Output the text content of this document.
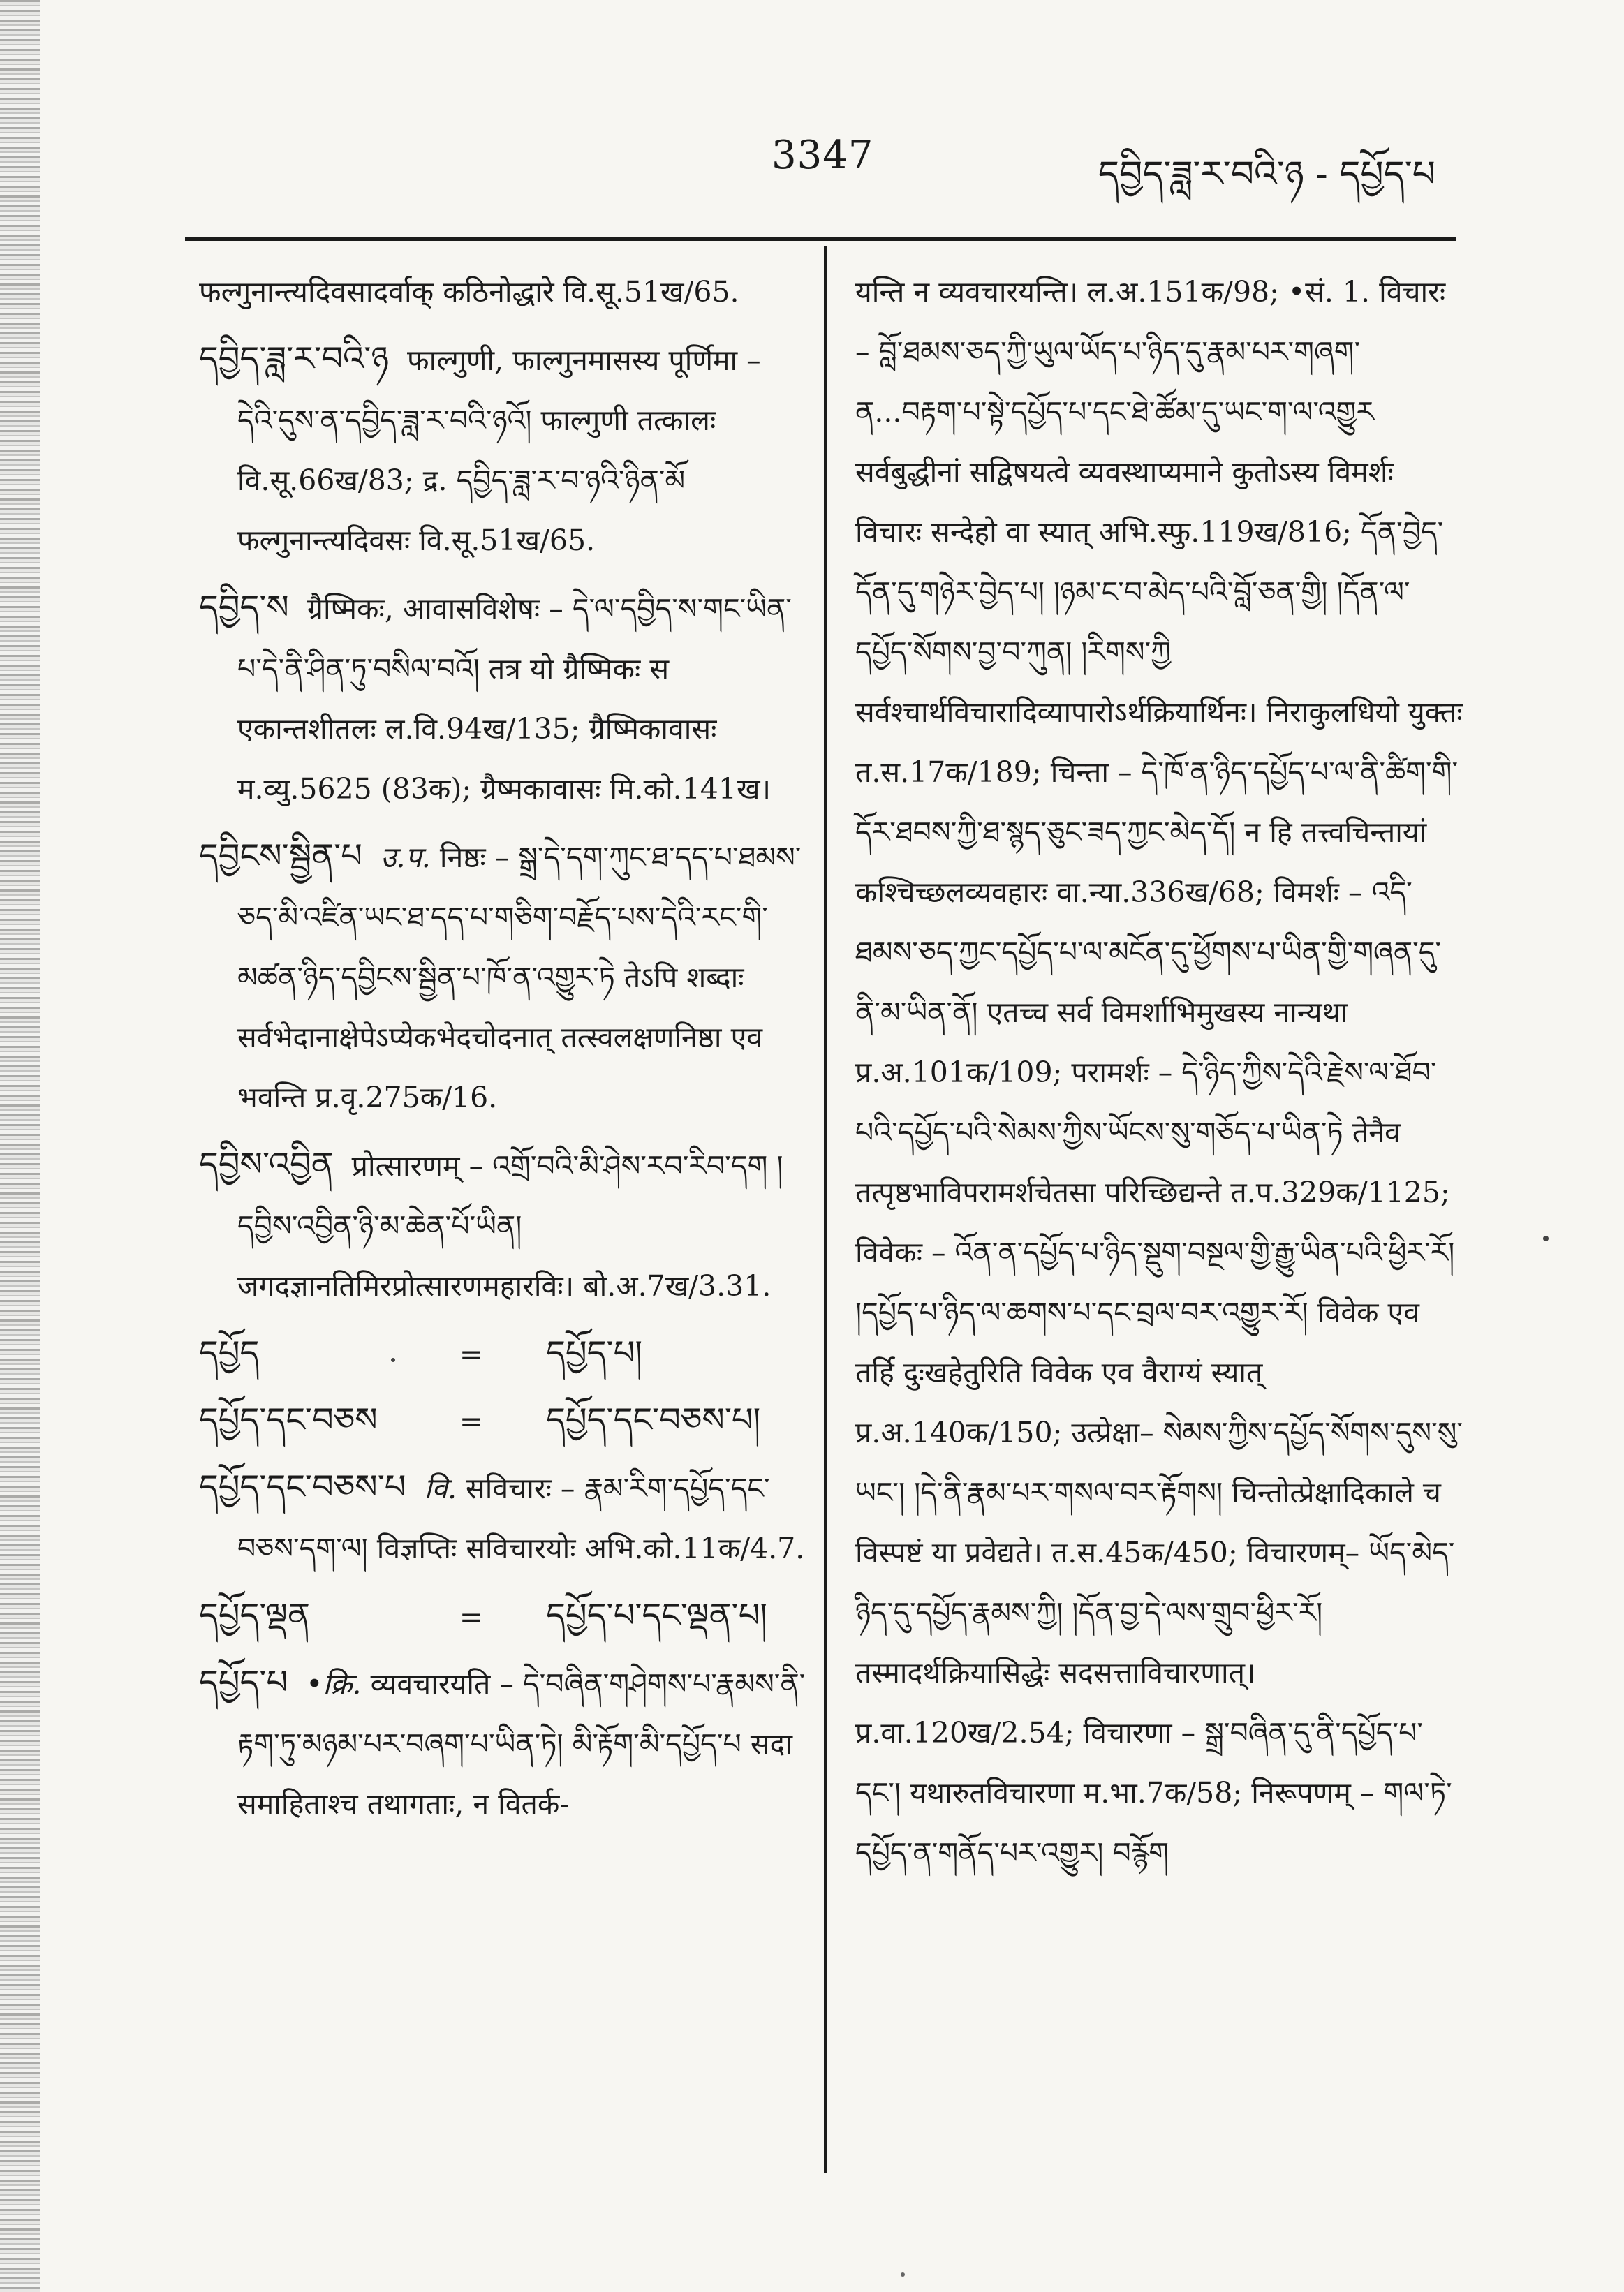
3347	དབྱིད་ཟླ་ར་བའི་ཉ - དཔྱོད་པ
फल्गुनान्त्यदिवसादर्वाक् कठिनोद्धारे वि.सू.51ख/65.
དབྱིད་ཟླ་ར་བའི་ཉ फाल्गुणी, फाल्गुनमासस्य पूर्णिमा – དེའི་དུས་ན་དབྱིད་ཟླ་ར་བའི་ཉའོ། फाल्गुणी तत्कालः वि.सू.66ख/83; द्र. དབྱིད་ཟླ་ར་བ་ཉའི་ཉིན་མོ फल्गुनान्त्यदिवसः वि.सू.51ख/65.
དབྱིད་ས ग्रैष्मिकः, आवासविशेषः – དེ་ལ་དབྱིད་ས་གང་ཡིན་པ་དེ་ནི་ཤིན་ཏུ་བསིལ་བའོ། तत्र यो ग्रैष्मिकः स एकान्तशीतलः ल.वि.94ख/135; ग्रैष्मिकावासः म.व्यु.5625 (83क); ग्रैष्मकावासः मि.को.141ख।
དབྱིངས་སྦྱིན་པ उ.प. निष्ठः – སྒྲ་དེ་དག་ཀུང་ཐ་དད་པ་ཐམས་ཅད་མི་འཛིན་ཡང་ཐ་དད་པ་གཅིག་བརྗོད་པས་དེའི་རང་གི་མཚན་ཉིད་དབྱིངས་སྦྱིན་པ་ཁོ་ན་འགྱུར་ཏེ तेऽपि शब्दाः सर्वभेदानाक्षेपेऽप्येकभेदचोदनात् तत्स्वलक्षणनिष्ठा एव भवन्ति प्र.वृ.275क/16.
དབྱིས་འབྱིན प्रोत्सारणम् – འགྲོ་བའི་མི་ཤེས་རབ་རིབ་དག །དབྱིས་འབྱིན་ཉི་མ་ཆེན་པོ་ཡིན། जगदज्ञानतिमिरप्रोत्सारणमहारविः। बो.अ.7ख/3.31.
དཔྱོད	=	དཔྱོད་པ།
དཔྱོད་དང་བཅས	=	དཔྱོད་དང་བཅས་པ།
དཔྱོད་དང་བཅས་པ वि. सविचारः – རྣམ་རིག་དཔྱོད་དང་བཅས་དག་ལ། विज्ञप्तिः सविचारयोः अभि.को.11क/4.7.
དཔྱོད་ལྡན	=	དཔྱོད་པ་དང་ལྡན་པ།
དཔྱོད་པ •क्रि. व्यवचारयति – དེ་བཞིན་གཤེགས་པ་རྣམས་ནི་རྟག་ཏུ་མཉམ་པར་བཞག་པ་ཡིན་ཏེ། མི་རྟོག་མི་དཔྱོད་པ सदा समाहिताश्च तथागताः, न वितर्क-
यन्ति न व्यवचारयन्ति। ल.अ.151क/98; •सं. 1. विचारः – བློ་ཐམས་ཅད་ཀྱི་ཡུལ་ཡོད་པ་ཉིད་དུ་རྣམ་པར་གཞག་ན...བརྟག་པ་སྟེ་དཔྱོད་པ་དང་ཐེ་ཚོམ་དུ་ཡང་ག་ལ་འགྱུར सर्वबुद्धीनां सद्विषयत्वे व्यवस्थाप्यमाने कुतोऽस्य विमर्शः विचारः सन्देहो वा स्यात् अभि.स्फु.119ख/816; དོན་བྱེད་དོན་དུ་གཉེར་བྱེད་པ། །ཉམ་ང་བ་མེད་པའི་བློ་ཅན་གྱི། །དོན་ལ་དཔྱོད་སོགས་བྱ་བ་ཀུན། །རིགས་ཀྱི सर्वश्चार्थविचारादिव्यापारोऽर्थक्रियार्थिनः। निराकुलधियो युक्तः त.स.17क/189; चिन्ता – དེ་ཁོ་ན་ཉིད་དཔྱོད་པ་ལ་ནི་ཚིག་གི་དོར་ཐབས་ཀྱི་ཐ་སྙད་ཅུང་ཟད་ཀྱང་མེད་དོ། न हि तत्त्वचिन्तायां कश्चिच्छलव्यवहारः वा.न्या.336ख/68; विमर्शः – འདི་ཐམས་ཅད་ཀྱང་དཔྱོད་པ་ལ་མངོན་དུ་ཕྱོགས་པ་ཡིན་གྱི་གཞན་དུ་ནི་མ་ཡིན་ནོ། एतच्च सर्व विमर्शाभिमुखस्य नान्यथा प्र.अ.101क/109; परामर्शः – དེ་ཉིད་ཀྱིས་དེའི་རྗེས་ལ་ཐོབ་པའི་དཔྱོད་པའི་སེམས་ཀྱིས་ཡོངས་སུ་གཅོད་པ་ཡིན་ཏེ तेनैव तत्पृष्ठभाविपरामर्शचेतसा परिच्छिद्यन्ते त.प.329क/1125; विवेकः – འོན་ན་དཔྱོད་པ་ཉིད་སྡུག་བསྔལ་གྱི་རྒྱུ་ཡིན་པའི་ཕྱིར་རོ། །དཔྱོད་པ་ཉིད་ལ་ཆགས་པ་དང་བྲལ་བར་འགྱུར་རོ། विवेक एव तर्हि दुःखहेतुरिति विवेक एव वैराग्यं स्यात् प्र.अ.140क/150; उत्प्रेक्षा– སེམས་ཀྱིས་དཔྱོད་སོགས་དུས་སུ་ཡང་། །དེ་ནི་རྣམ་པར་གསལ་བར་རྟོགས། चिन्तोत्प्रेक्षादिकाले च विस्पष्टं या प्रवेद्यते। त.स.45क/450; विचारणम्– ཡོད་མེད་ཉིད་དུ་དཔྱོད་རྣམས་ཀྱི། །དོན་བྱ་དེ་ལས་གྲུབ་ཕྱིར་རོ། तस्मादर्थक्रियासिद्धेः सदसत्ताविचारणात्। प्र.वा.120ख/2.54; विचारणा – སྒྲ་བཞིན་དུ་ནི་དཔྱོད་པ་དང་། यथारुतविचारणा म.भा.7क/58; निरूपणम् – གལ་ཏེ་དཔྱོད་ན་གནོད་པར་འགྱུར། བརྙོག
